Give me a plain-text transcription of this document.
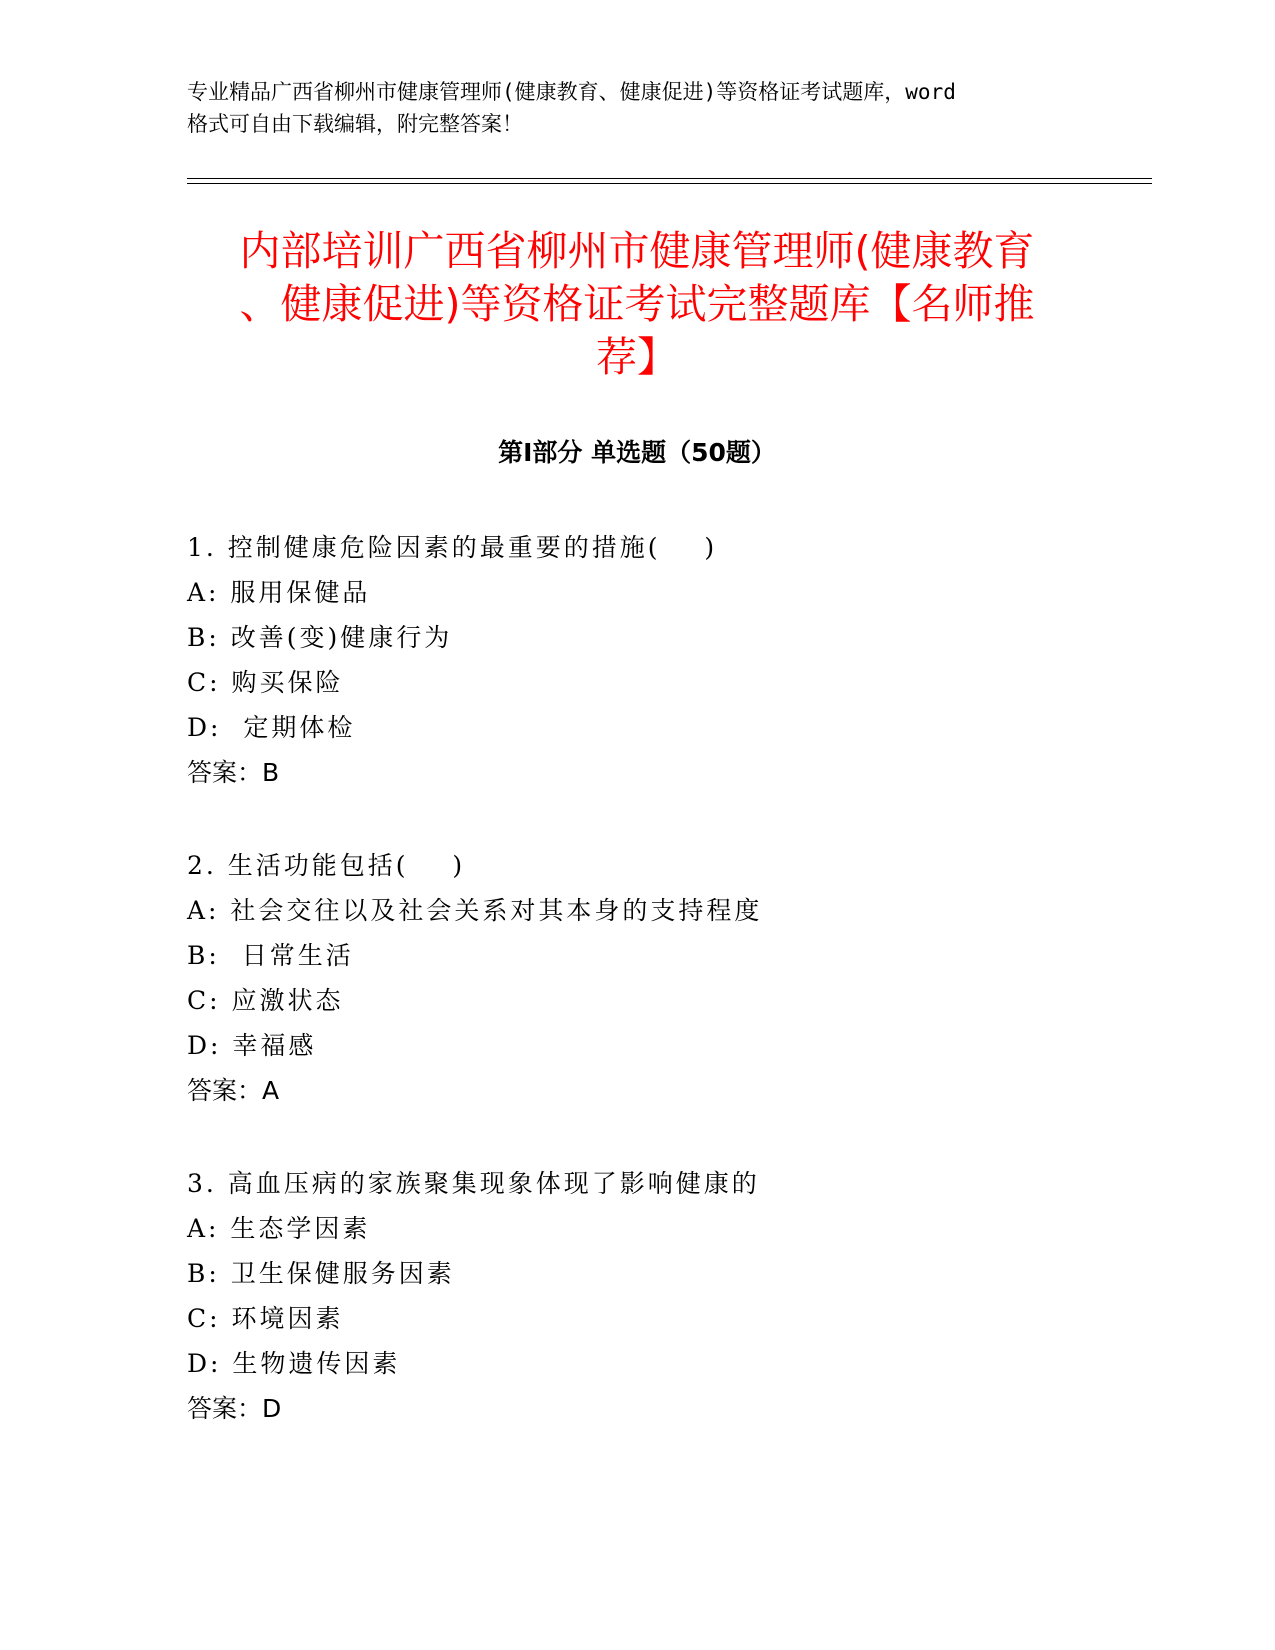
专业精品广西省柳州市健康管理师(健康教育、健康促进)等资格证考试题库，word
格式可自由下载编辑，附完整答案！
内部培训广西省柳州市健康管理师(健康教育
、健康促进)等资格证考试完整题库【名师推
荐】
第Ⅰ部分 单选题（50题）
1. 控制健康危险因素的最重要的措施(    )
A: 服用保健品
B: 改善(变)健康行为
C: 购买保险
D:  定期体检
答案：B
2. 生活功能包括(    )
A: 社会交往以及社会关系对其本身的支持程度
B:  日常生活
C: 应激状态
D: 幸福感
答案：A
3. 高血压病的家族聚集现象体现了影响健康的
A: 生态学因素
B: 卫生保健服务因素
C: 环境因素
D: 生物遗传因素
答案：D
